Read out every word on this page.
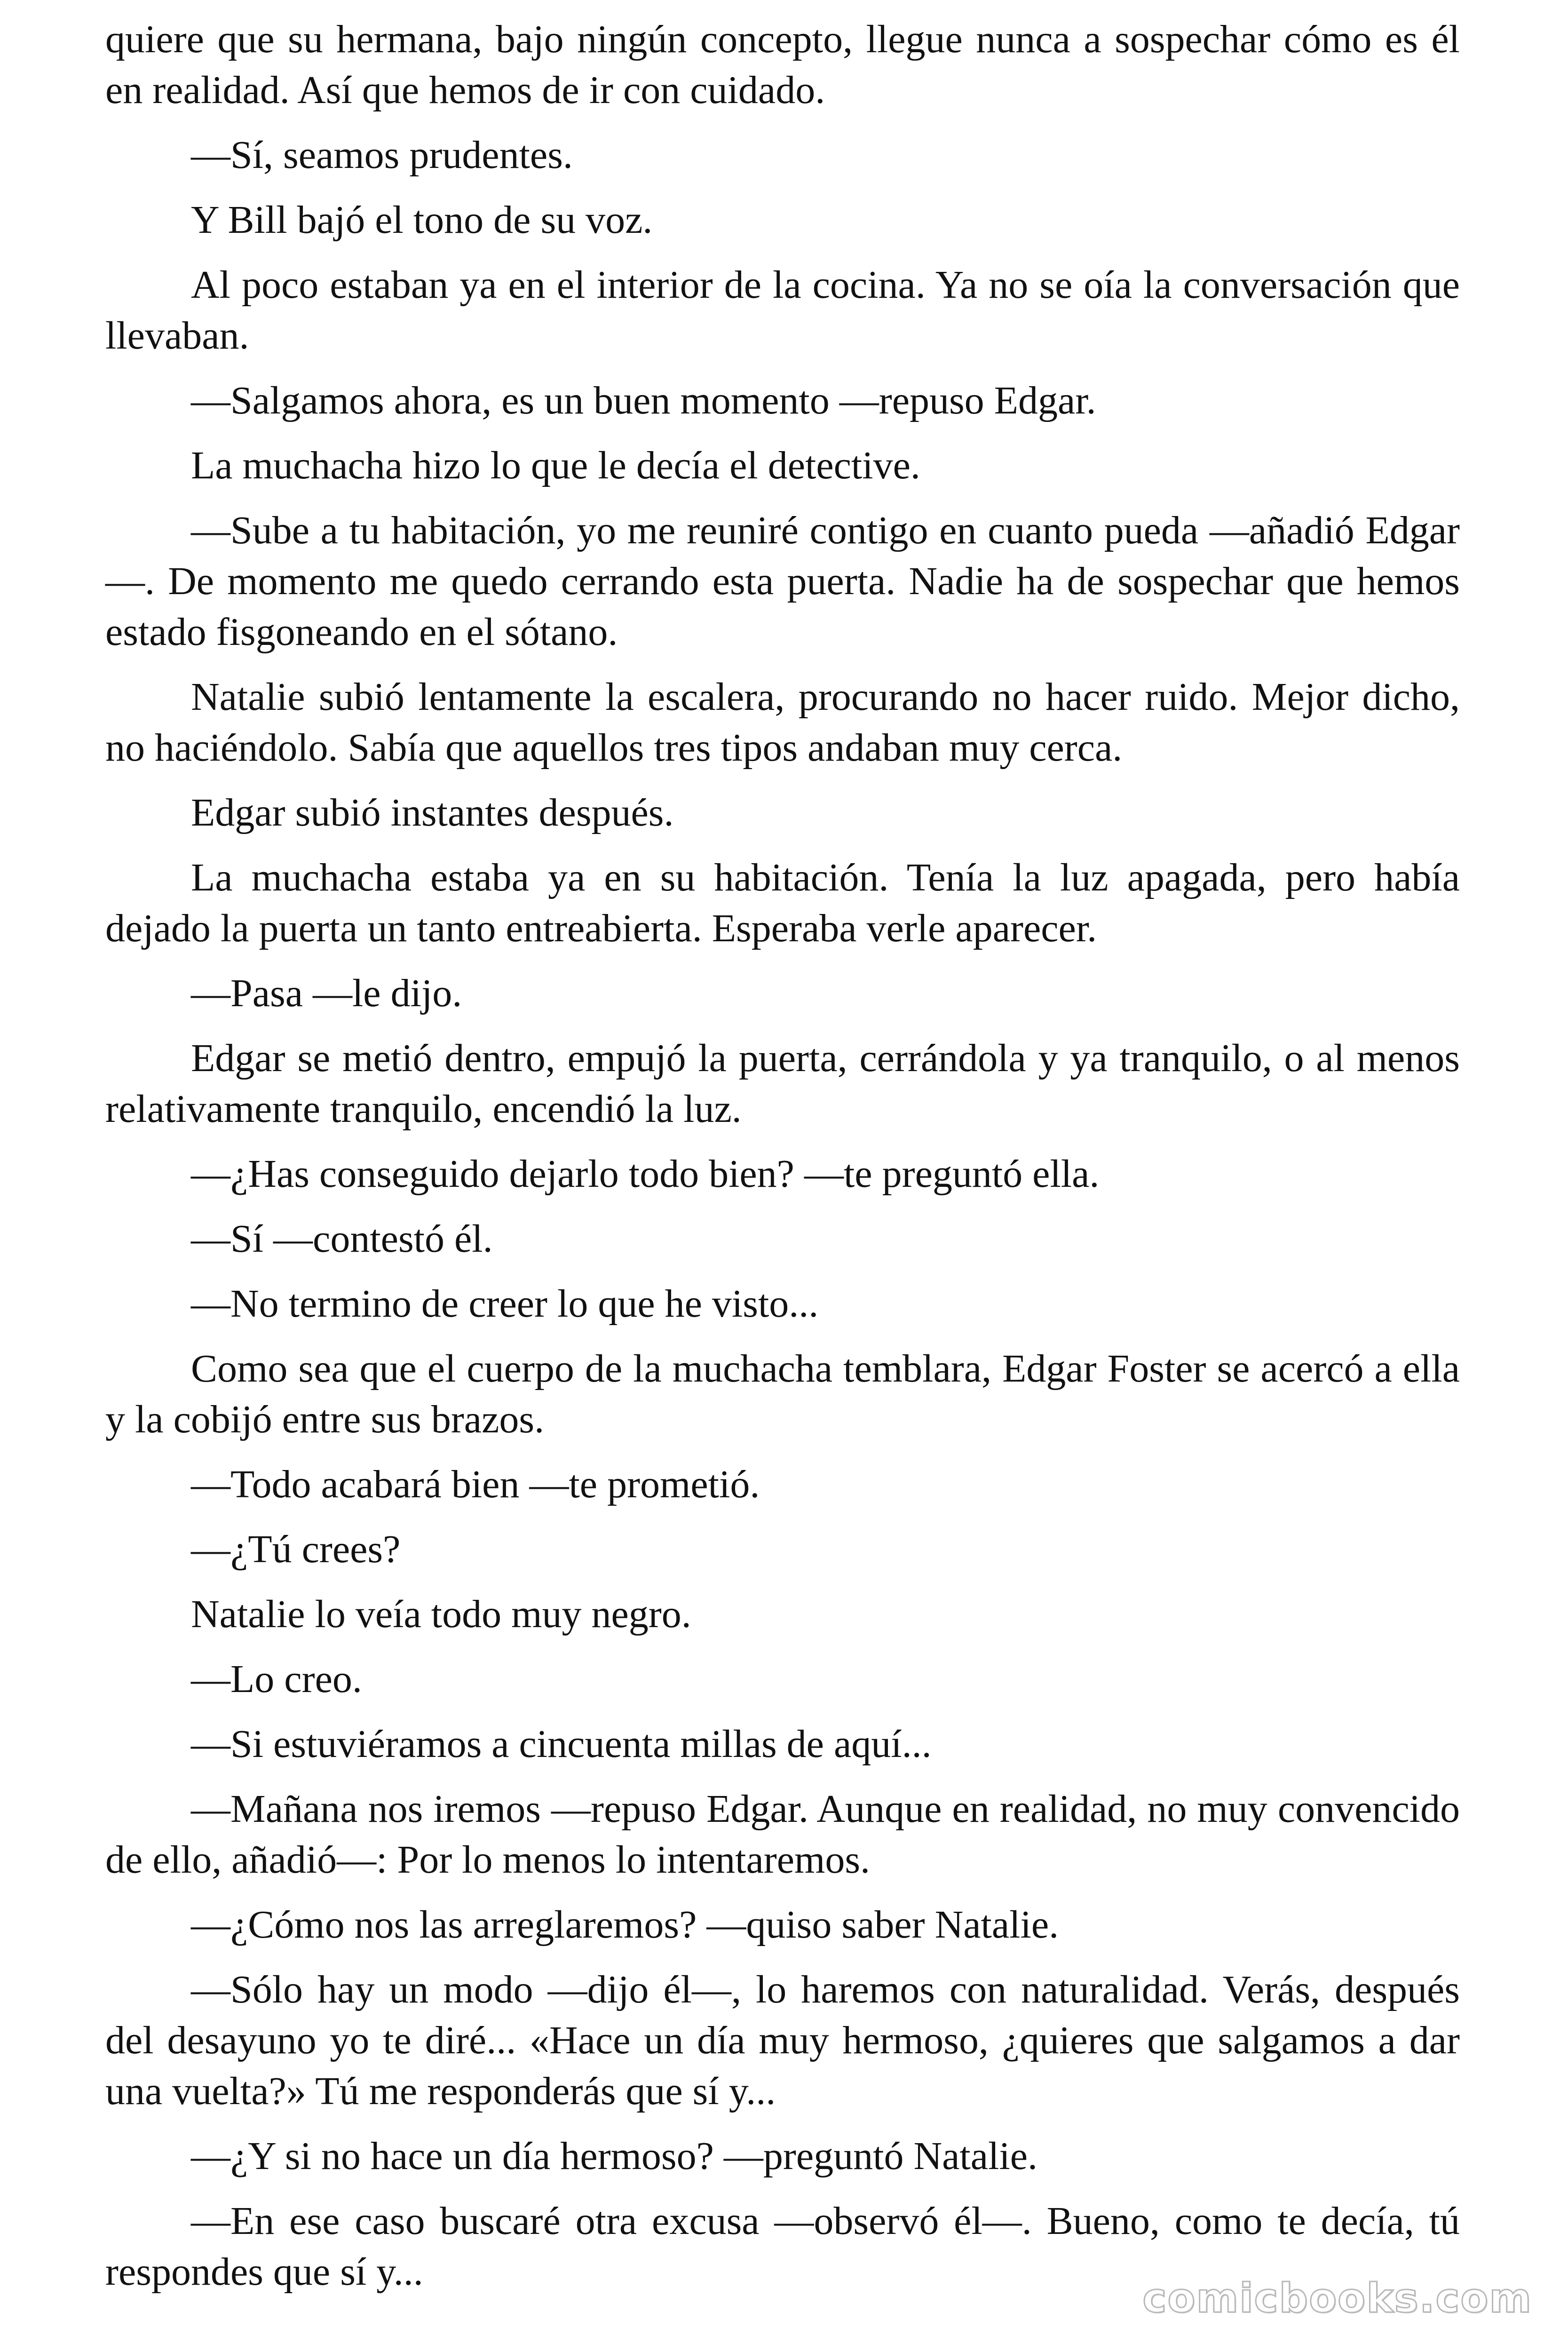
quiere que su hermana, bajo ningún concepto, llegue nunca a sospechar cómo es él en realidad. Así que hemos de ir con cuidado.

—Sí, seamos prudentes.

Y Bill bajó el tono de su voz.

Al poco estaban ya en el interior de la cocina. Ya no se oía la conversación que llevaban.

—Salgamos ahora, es un buen momento —repuso Edgar.

La muchacha hizo lo que le decía el detective.

—Sube a tu habitación, yo me reuniré contigo en cuanto pueda —añadió Edgar—. De momento me quedo cerrando esta puerta. Nadie ha de sospechar que hemos estado fisgoneando en el sótano.

Natalie subió lentamente la escalera, procurando no hacer ruido. Mejor dicho, no haciéndolo. Sabía que aquellos tres tipos andaban muy cerca.

Edgar subió instantes después.

La muchacha estaba ya en su habitación. Tenía la luz apagada, pero había dejado la puerta un tanto entreabierta. Esperaba verle aparecer.

—Pasa —le dijo.

Edgar se metió dentro, empujó la puerta, cerrándola y ya tranquilo, o al menos relativamente tranquilo, encendió la luz.

—¿Has conseguido dejarlo todo bien? —te preguntó ella.

—Sí —contestó él.

—No termino de creer lo que he visto...

Como sea que el cuerpo de la muchacha temblara, Edgar Foster se acercó a ella y la cobijó entre sus brazos.

—Todo acabará bien —te prometió.

—¿Tú crees?

Natalie lo veía todo muy negro.

—Lo creo.

—Si estuviéramos a cincuenta millas de aquí...

—Mañana nos iremos —repuso Edgar. Aunque en realidad, no muy convencido de ello, añadió—: Por lo menos lo intentaremos.

—¿Cómo nos las arreglaremos? —quiso saber Natalie.

—Sólo hay un modo —dijo él—, lo haremos con naturalidad. Verás, después del desayuno yo te diré... «Hace un día muy hermoso, ¿quieres que salgamos a dar una vuelta?» Tú me responderás que sí y...

—¿Y si no hace un día hermoso? —preguntó Natalie.

—En ese caso buscaré otra excusa —observó él—. Bueno, como te decía, tú respondes que sí y...

comicbooks.com
